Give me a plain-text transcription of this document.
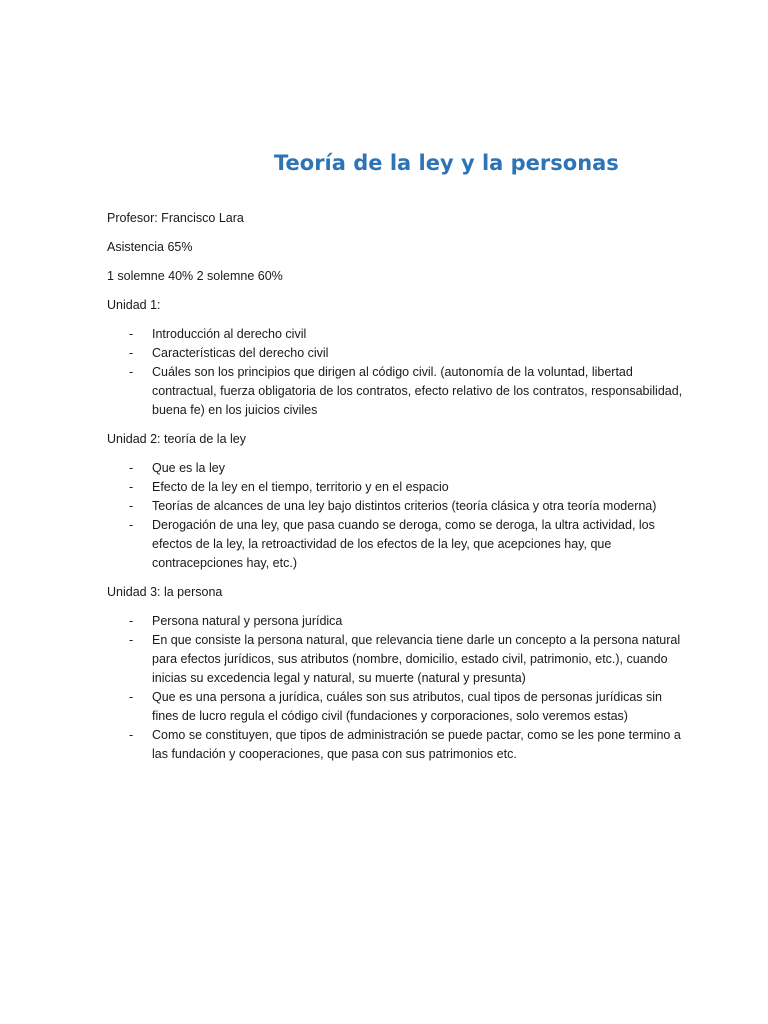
Teoría de la ley y la personas

Profesor: Francisco Lara

Asistencia 65%

1 solemne 40% 2 solemne 60%

Unidad 1:

- Introducción al derecho civil
- Características del derecho civil
- Cuáles son los principios que dirigen al código civil. (autonomía de la voluntad, libertad contractual, fuerza obligatoria de los contratos, efecto relativo de los contratos, responsabilidad, buena fe) en los juicios civiles

Unidad 2: teoría de la ley

- Que es la ley
- Efecto de la ley en el tiempo, territorio y en el espacio
- Teorías de alcances de una ley bajo distintos criterios (teoría clásica y otra teoría moderna)
- Derogación de una ley, que pasa cuando se deroga, como se deroga, la ultra actividad, los efectos de la ley, la retroactividad de los efectos de la ley, que acepciones hay, que contracepciones hay, etc.)

Unidad 3: la persona

- Persona natural y persona jurídica
- En que consiste la persona natural, que relevancia tiene darle un concepto a la persona natural para efectos jurídicos, sus atributos (nombre, domicilio, estado civil, patrimonio, etc.), cuando inicias su excedencia legal y natural, su muerte (natural y presunta)
- Que es una persona a jurídica, cuáles son sus atributos, cual tipos de personas jurídicas sin fines de lucro regula el código civil (fundaciones y corporaciones, solo veremos estas)
- Como se constituyen, que tipos de administración se puede pactar, como se les pone termino a las fundación y cooperaciones, que pasa con sus patrimonios etc.
